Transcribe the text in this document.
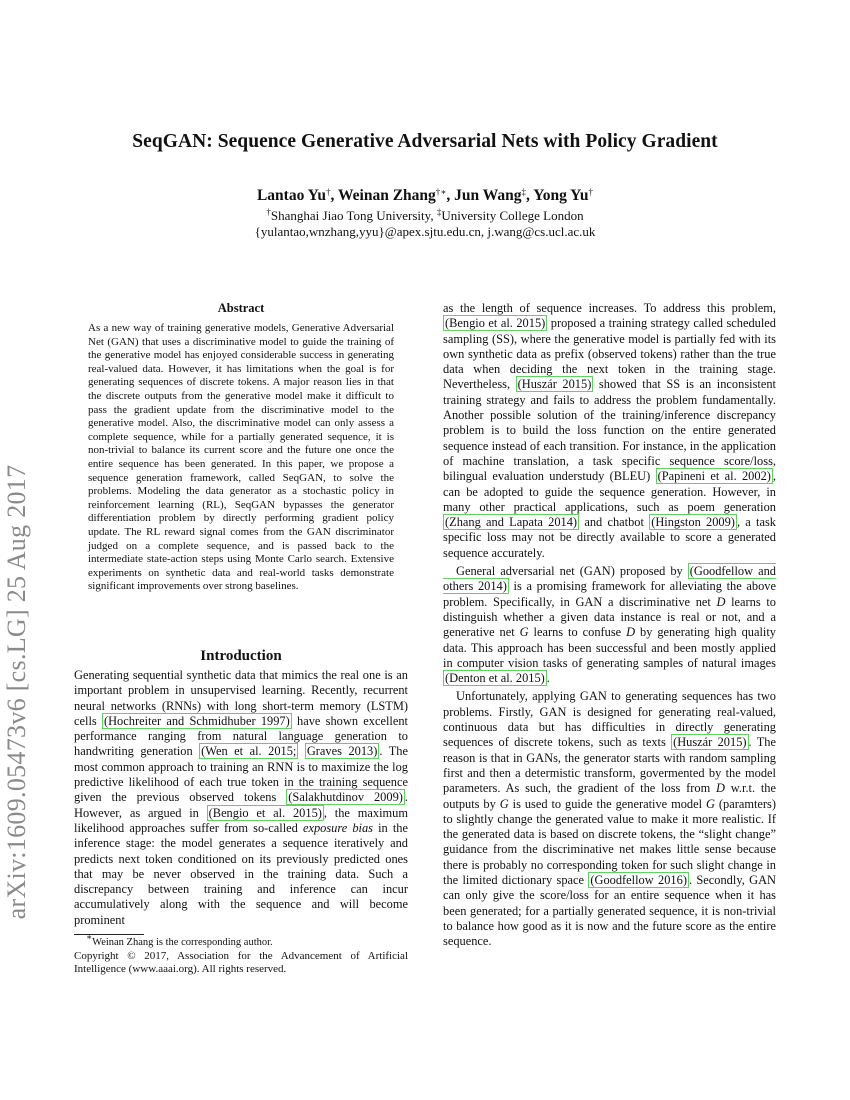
SeqGAN: Sequence Generative Adversarial Nets with Policy Gradient
Lantao Yu†, Weinan Zhang†∗, Jun Wang‡, Yong Yu†
†Shanghai Jiao Tong University, ‡University College London
{yulantao,wnzhang,yyu}@apex.sjtu.edu.cn, j.wang@cs.ucl.ac.uk
arXiv:1609.05473v6 [cs.LG] 25 Aug 2017
Abstract
As a new way of training generative models, Generative Adversarial Net (GAN) that uses a discriminative model to guide the training of the generative model has enjoyed considerable success in generating real-valued data. However, it has limitations when the goal is for generating sequences of discrete tokens. A major reason lies in that the discrete outputs from the generative model make it difficult to pass the gradient update from the discriminative model to the generative model. Also, the discriminative model can only assess a complete sequence, while for a partially generated sequence, it is non-trivial to balance its current score and the future one once the entire sequence has been generated. In this paper, we propose a sequence generation framework, called SeqGAN, to solve the problems. Modeling the data generator as a stochastic policy in reinforcement learning (RL), SeqGAN bypasses the generator differentiation problem by directly performing gradient policy update. The RL reward signal comes from the GAN discriminator judged on a complete sequence, and is passed back to the intermediate state-action steps using Monte Carlo search. Extensive experiments on synthetic data and real-world tasks demonstrate significant improvements over strong baselines.
Introduction
Generating sequential synthetic data that mimics the real one is an important problem in unsupervised learning. Recently, recurrent neural networks (RNNs) with long short-term memory (LSTM) cells (Hochreiter and Schmidhuber 1997) have shown excellent performance ranging from natural language generation to handwriting generation (Wen et al. 2015; Graves 2013) . The most common approach to training an RNN is to maximize the log predictive likelihood of each true token in the training sequence given the previous observed tokens (Salakhutdinov 2009) . However, as argued in (Bengio et al. 2015) , the maximum likelihood approaches suffer from so-called exposure bias in the inference stage: the model generates a sequence iteratively and predicts next token conditioned on its previously predicted ones that may be never observed in the training data. Such a discrepancy between training and inference can incur accumulatively along with the sequence and will become prominent
∗Weinan Zhang is the corresponding author.
Copyright © 2017, Association for the Advancement of Artificial Intelligence (www.aaai.org). All rights reserved.

as the length of sequence increases. To address this problem, (Bengio et al. 2015) proposed a training strategy called scheduled sampling (SS), where the generative model is partially fed with its own synthetic data as prefix (observed tokens) rather than the true data when deciding the next token in the training stage. Nevertheless, (Huszár 2015) showed that SS is an inconsistent training strategy and fails to address the problem fundamentally. Another possible solution of the training/inference discrepancy problem is to build the loss function on the entire generated sequence instead of each transition. For instance, in the application of machine translation, a task specific sequence score/loss, bilingual evaluation understudy (BLEU) (Papineni et al. 2002) , can be adopted to guide the sequence generation. However, in many other practical applications, such as poem generation (Zhang and Lapata 2014) and chatbot (Hingston 2009) , a task specific loss may not be directly available to score a generated sequence accurately.

General adversarial net (GAN) proposed by (Goodfellow and others 2014) is a promising framework for alleviating the above problem. Specifically, in GAN a discriminative net D learns to distinguish whether a given data instance is real or not, and a generative net G learns to confuse D by generating high quality data. This approach has been successful and been mostly applied in computer vision tasks of generating samples of natural images (Denton et al. 2015) .

Unfortunately, applying GAN to generating sequences has two problems. Firstly, GAN is designed for generating real-valued, continuous data but has difficulties in directly generating sequences of discrete tokens, such as texts (Huszár 2015) . The reason is that in GANs, the generator starts with random sampling first and then a determistic transform, govermented by the model parameters. As such, the gradient of the loss from D w.r.t. the outputs by G is used to guide the generative model G (paramters) to slightly change the generated value to make it more realistic. If the generated data is based on discrete tokens, the “slight change” guidance from the discriminative net makes little sense because there is probably no corresponding token for such slight change in the limited dictionary space (Goodfellow 2016) . Secondly, GAN can only give the score/loss for an entire sequence when it has been generated; for a partially generated sequence, it is non-trivial to balance how good as it is now and the future score as the entire sequence.
